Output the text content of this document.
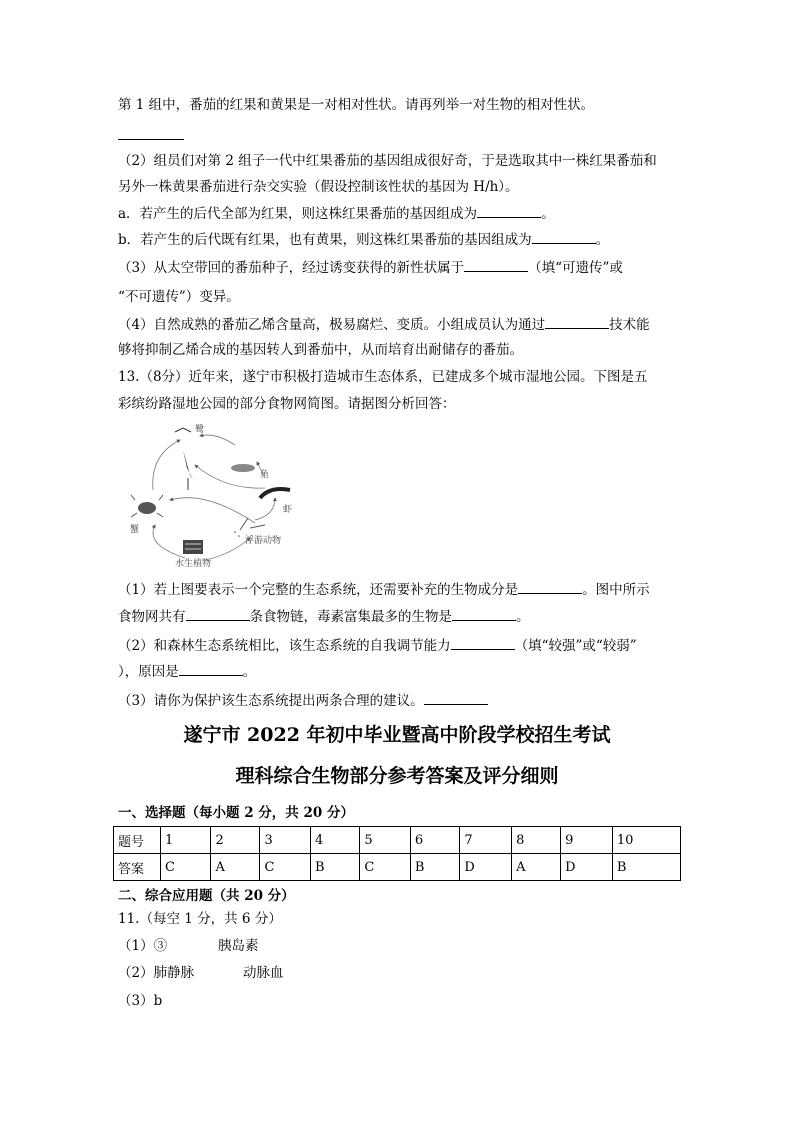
第 1 组中，番茄的红果和黄果是一对相对性状。请再列举一对生物的相对性状。
（2）组员们对第 2 组子一代中红果番茄的基因组成很好奇，于是选取其中一株红果番茄和
另外一株黄果番茄进行杂交实验（假设控制该性状的基因为 H/h）。
a．若产生的后代全部为红果，则这株红果番茄的基因组成为	。
b．若产生的后代既有红果，也有黄果，则这株红果番茄的基因组成为	。
（3）从太空带回的番茄种子，经过诱变获得的新性状属于	（填“可遗传”或
“不可遗传”）变异。
（4）自然成熟的番茄乙烯含量高，极易腐烂、变质。小组成员认为通过	技术能
够将抑制乙烯合成的基因转人到番茄中，从而培育出耐储存的番茄。
13.（8分）近年来，遂宁市积极打造城市生态体系，已建成多个城市湿地公园。下图是五
彩缤纷路湿地公园的部分食物网简图。请据图分析回答：
鹭
鱼
虾
蟹
浮游动物
水生植物
（1）若上图要表示一个完整的生态系统，还需要补充的生物成分是	。图中所示
食物网共有	条食物链，毒素富集最多的生物是	。
（2）和森林生态系统相比，该生态系统的自我调节能力	（填“较强”或“较弱”
），原因是	。
（3）请你为保护该生态系统提出两条合理的建议。
遂宁市 2022 年初中毕业暨高中阶段学校招生考试
理科综合生物部分参考答案及评分细则
一、选择题（每小题 2 分，共 20 分）
题号	1	2	3	4	5	6	7	8	9	10
答案	C	A	C	B	C	B	D	A	D	B
二、综合应用题（共 20 分）
11.（每空 1 分，共 6 分）
（1）③	胰岛素
（2）肺静脉	动脉血
（3）b
